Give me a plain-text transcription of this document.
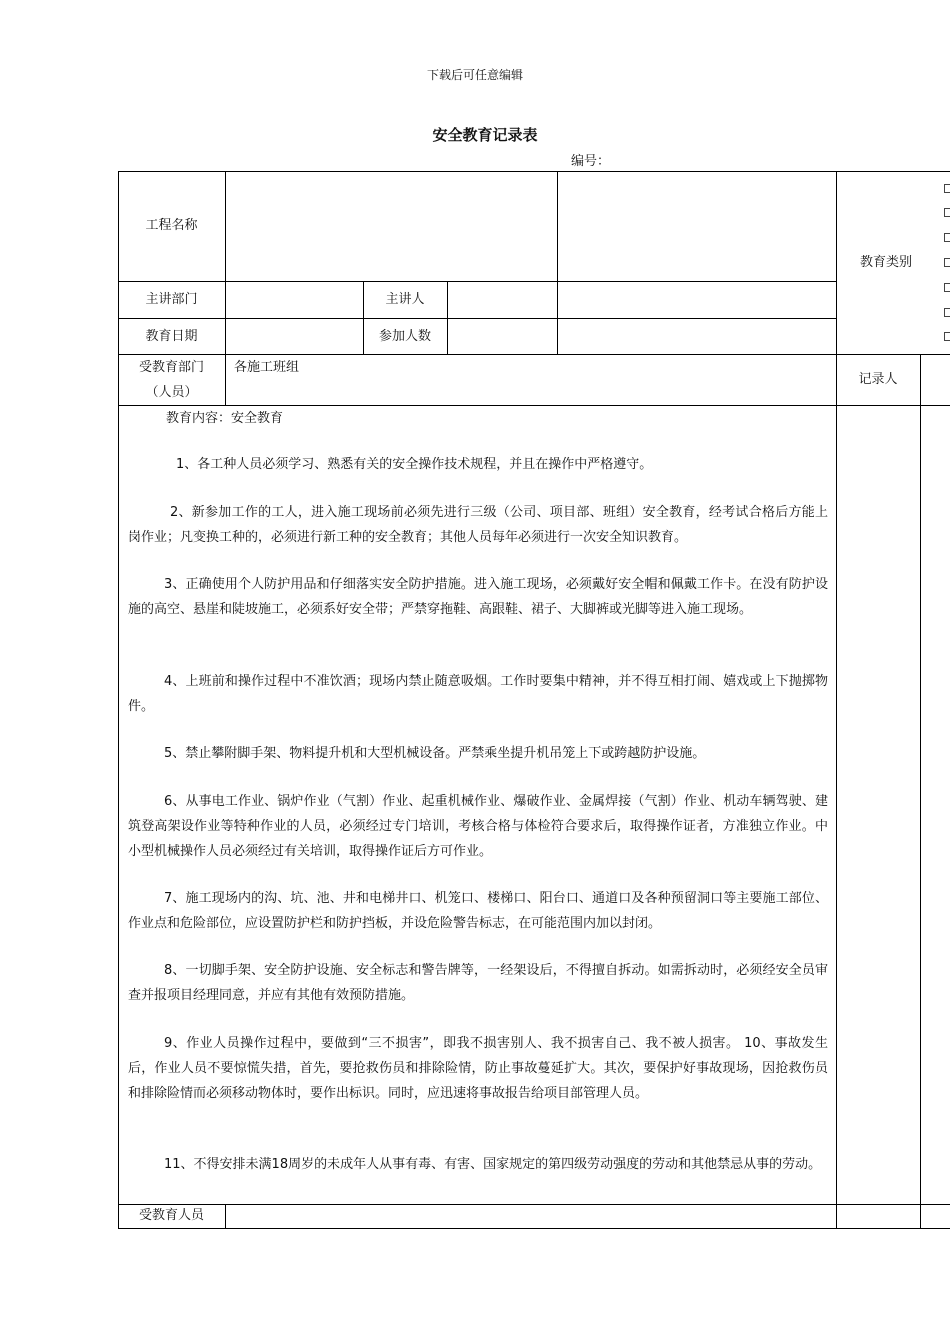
下载后可任意编辑
安全教育记录表
编号：
工程名称
主讲部门	主讲人
教育日期	参加人数
教育类别
受教育部门
（人员）
各施工班组
记录人
教育内容：安全教育
1、各工种人员必须学习、熟悉有关的安全操作技术规程，并且在操作中严格遵守。
2、新参加工作的工人，进入施工现场前必须先进行三级（公司、项目部、班组）安全教育，经考试合格后方能上岗作业；凡变换工种的，必须进行新工种的安全教育；其他人员每年必须进行一次安全知识教育。
3、正确使用个人防护用品和仔细落实安全防护措施。进入施工现场，必须戴好安全帽和佩戴工作卡。在没有防护设施的高空、悬崖和陡坡施工，必须系好安全带；严禁穿拖鞋、高跟鞋、裙子、大脚裤或光脚等进入施工现场。
4、上班前和操作过程中不准饮酒；现场内禁止随意吸烟。工作时要集中精神，并不得互相打闹、嬉戏或上下抛掷物件。
5、禁止攀附脚手架、物料提升机和大型机械设备。严禁乘坐提升机吊笼上下或跨越防护设施。
6、从事电工作业、锅炉作业（气割）作业、起重机械作业、爆破作业、金属焊接（气割）作业、机动车辆驾驶、建筑登高架设作业等特种作业的人员，必须经过专门培训，考核合格与体检符合要求后，取得操作证者，方准独立作业。中小型机械操作人员必须经过有关培训，取得操作证后方可作业。
7、施工现场内的沟、坑、池、井和电梯井口、机笼口、楼梯口、阳台口、通道口及各种预留洞口等主要施工部位、作业点和危险部位，应设置防护栏和防护挡板，并设危险警告标志，在可能范围内加以封闭。
8、一切脚手架、安全防护设施、安全标志和警告牌等，一经架设后，不得擅自拆动。如需拆动时，必须经安全员审查并报项目经理同意，并应有其他有效预防措施。
9、作业人员操作过程中，要做到“三不损害”，即我不损害别人、我不损害自己、我不被人损害。 10、事故发生后，作业人员不要惊慌失措，首先，要抢救伤员和排除险情，防止事故蔓延扩大。其次，要保护好事故现场，因抢救伤员和排除险情而必须移动物体时，要作出标识。同时，应迅速将事故报告给项目部管理人员。
11、不得安排未满18周岁的未成年人从事有毒、有害、国家规定的第四级劳动强度的劳动和其他禁忌从事的劳动。
受教育人员
